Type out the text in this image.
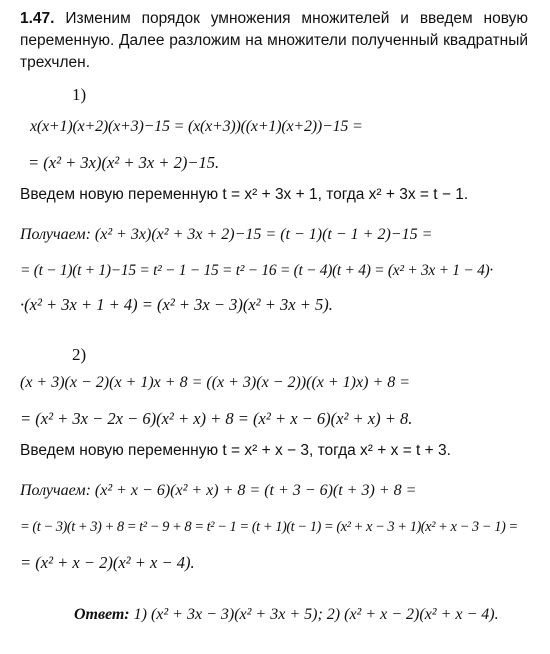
1.47. Изменим порядок умножения множителей и введем новую переменную. Далее разложим на множители полученный квадратный трехчлен.
1)
x(x+1)(x+2)(x+3)−15 = (x(x+3))((x+1)(x+2))−15 =
= (x² + 3x)(x² + 3x + 2)−15.
Введем новую переменную t = x² + 3x + 1, тогда x² + 3x = t − 1.
Получаем: (x² + 3x)(x² + 3x + 2)−15 = (t − 1)(t − 1 + 2)−15 =
= (t − 1)(t + 1)−15 = t² − 1 − 15 = t² − 16 = (t − 4)(t + 4) = (x² + 3x + 1 − 4)·
·(x² + 3x + 1 + 4) = (x² + 3x − 3)(x² + 3x + 5).
2)
(x + 3)(x − 2)(x + 1)x + 8 = ((x + 3)(x − 2))((x + 1)x) + 8 =
= (x² + 3x − 2x − 6)(x² + x) + 8 = (x² + x − 6)(x² + x) + 8.
Введем новую переменную t = x² + x − 3, тогда x² + x = t + 3.
Получаем: (x² + x − 6)(x² + x) + 8 = (t + 3 − 6)(t + 3) + 8 =
= (t − 3)(t + 3) + 8 = t² − 9 + 8 = t² − 1 = (t + 1)(t − 1) = (x² + x − 3 + 1)(x² + x − 3 − 1) =
= (x² + x − 2)(x² + x − 4).
Ответ: 1) (x² + 3x − 3)(x² + 3x + 5); 2) (x² + x − 2)(x² + x − 4).
